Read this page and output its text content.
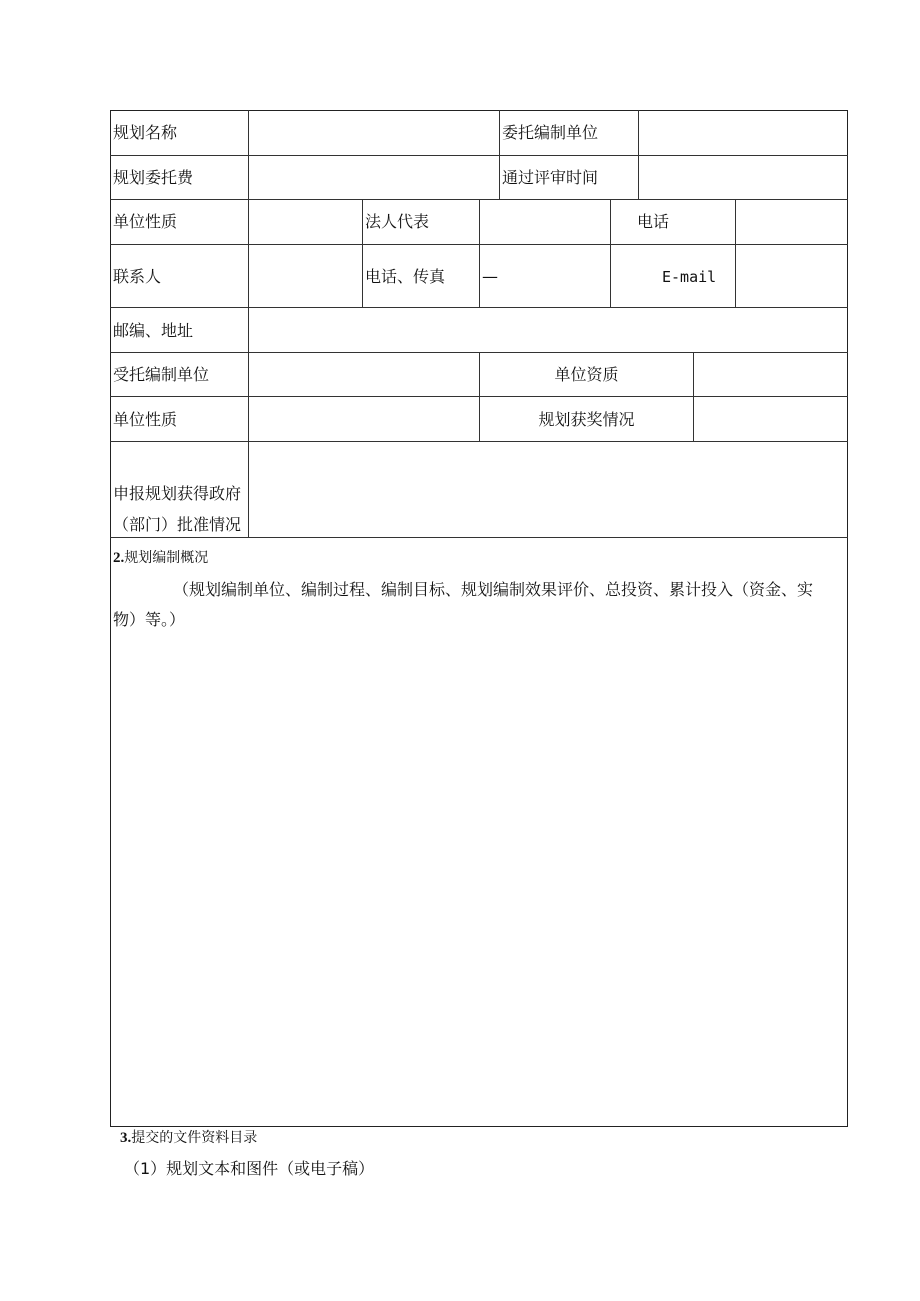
规划名称	委托编制单位
规划委托费	通过评审时间
单位性质	法人代表	电话
联系人	电话、传真 —	E-mail
邮编、地址
受托编制单位	单位资质
单位性质	规划获奖情况
申报规划获得政府
（部门）批准情况
2.规划编制概况
（规划编制单位、编制过程、编制目标、规划编制效果评价、总投资、累计投入（资金、实
物）等。）
3.提交的文件资料目录
（1）规划文本和图件（或电子稿）
